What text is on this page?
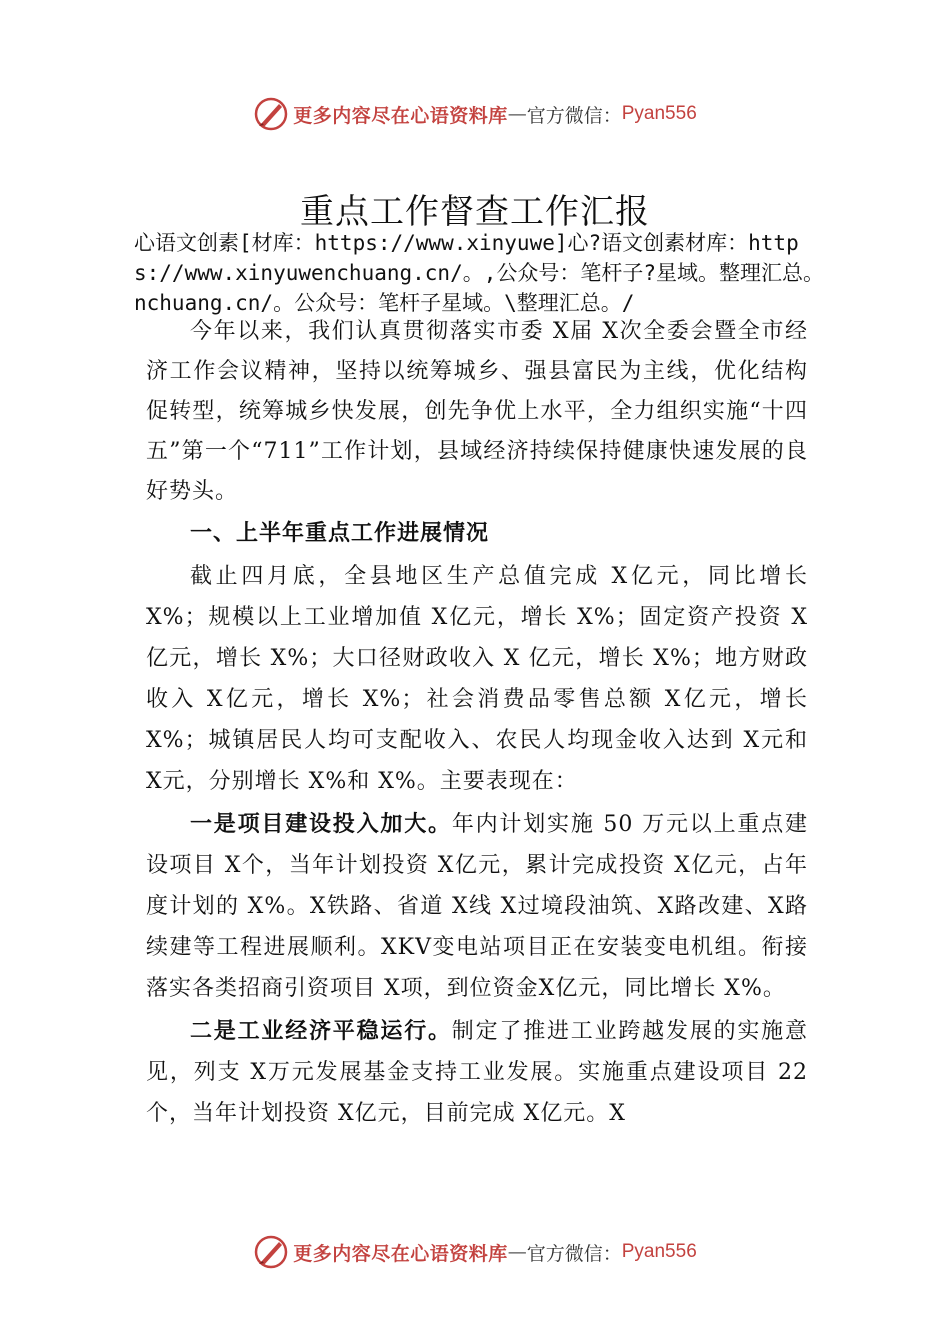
更多内容尽在心语资料库 — 官方微信： Pyan556
重点工作督查工作汇报

心语文创素[材库：https://www.xinyuwe]心?语文创素材库：https://www.xinyuwenchuang.cn/。,公众号：笔杆子?星域。整理汇总。nchuang.cn/。公众号：笔杆子星域。\整理汇总。/

今年以来，我们认真贯彻落实市委 X届 X次全委会暨全市经济工作会议精神，坚持以统筹城乡、强县富民为主线，优化结构促转型，统筹城乡快发展，创先争优上水平，全力组织实施“十四五”第一个“711”工作计划，县域经济持续保持健康快速发展的良好势头。

一、上半年重点工作进展情况

截止四月底，全县地区生产总值完成 X亿元，同比增长 X%；规模以上工业增加值 X亿元，增长 X%；固定资产投资 X 亿元，增长 X%；大口径财政收入 X 亿元，增长 X%；地方财政收入 X亿元，增长 X%；社会消费品零售总额 X亿元，增长 X%；城镇居民人均可支配收入、农民人均现金收入达到 X元和 X元，分别增长 X%和 X%。主要表现在：

一是项目建设投入加大。年内计划实施 50 万元以上重点建设项目 X个，当年计划投资 X亿元，累计完成投资 X亿元，占年度计划的 X%。X铁路、省道 X线 X过境段油筑、X路改建、X路续建等工程进展顺利。XKV变电站项目正在安装变电机组。衔接落实各类招商引资项目 X项，到位资金X亿元，同比增长 X%。

二是工业经济平稳运行。制定了推进工业跨越发展的实施意见，列支 X万元发展基金支持工业发展。实施重点建设项目 22个，当年计划投资 X亿元，目前完成 X亿元。X

更多内容尽在心语资料库 — 官方微信： Pyan556
